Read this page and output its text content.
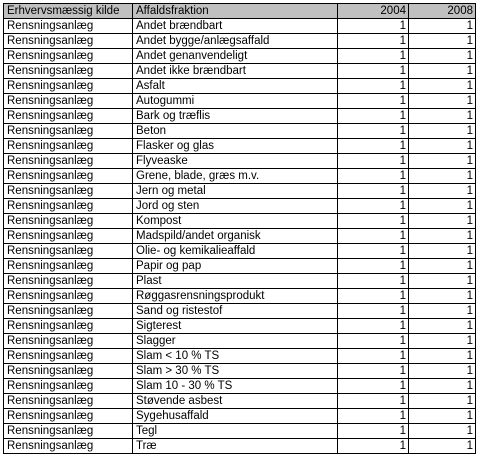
Erhvervsmæssig kilde	Affaldsfraktion	2004	2008
Rensningsanlæg	Andet brændbart	1	1
Rensningsanlæg	Andet bygge/anlægsaffald	1	1
Rensningsanlæg	Andet genanvendeligt	1	1
Rensningsanlæg	Andet ikke brændbart	1	1
Rensningsanlæg	Asfalt	1	1
Rensningsanlæg	Autogummi	1	1
Rensningsanlæg	Bark og træflis	1	1
Rensningsanlæg	Beton	1	1
Rensningsanlæg	Flasker og glas	1	1
Rensningsanlæg	Flyveaske	1	1
Rensningsanlæg	Grene, blade, græs m.v.	1	1
Rensningsanlæg	Jern og metal	1	1
Rensningsanlæg	Jord og sten	1	1
Rensningsanlæg	Kompost	1	1
Rensningsanlæg	Madspild/andet organisk	1	1
Rensningsanlæg	Olie- og kemikalieaffald	1	1
Rensningsanlæg	Papir og pap	1	1
Rensningsanlæg	Plast	1	1
Rensningsanlæg	Røggasrensningsprodukt	1	1
Rensningsanlæg	Sand og ristestof	1	1
Rensningsanlæg	Sigterest	1	1
Rensningsanlæg	Slagger	1	1
Rensningsanlæg	Slam < 10 % TS	1	1
Rensningsanlæg	Slam > 30 % TS	1	1
Rensningsanlæg	Slam 10 - 30 % TS	1	1
Rensningsanlæg	Støvende asbest	1	1
Rensningsanlæg	Sygehusaffald	1	1
Rensningsanlæg	Tegl	1	1
Rensningsanlæg	Træ	1	1
